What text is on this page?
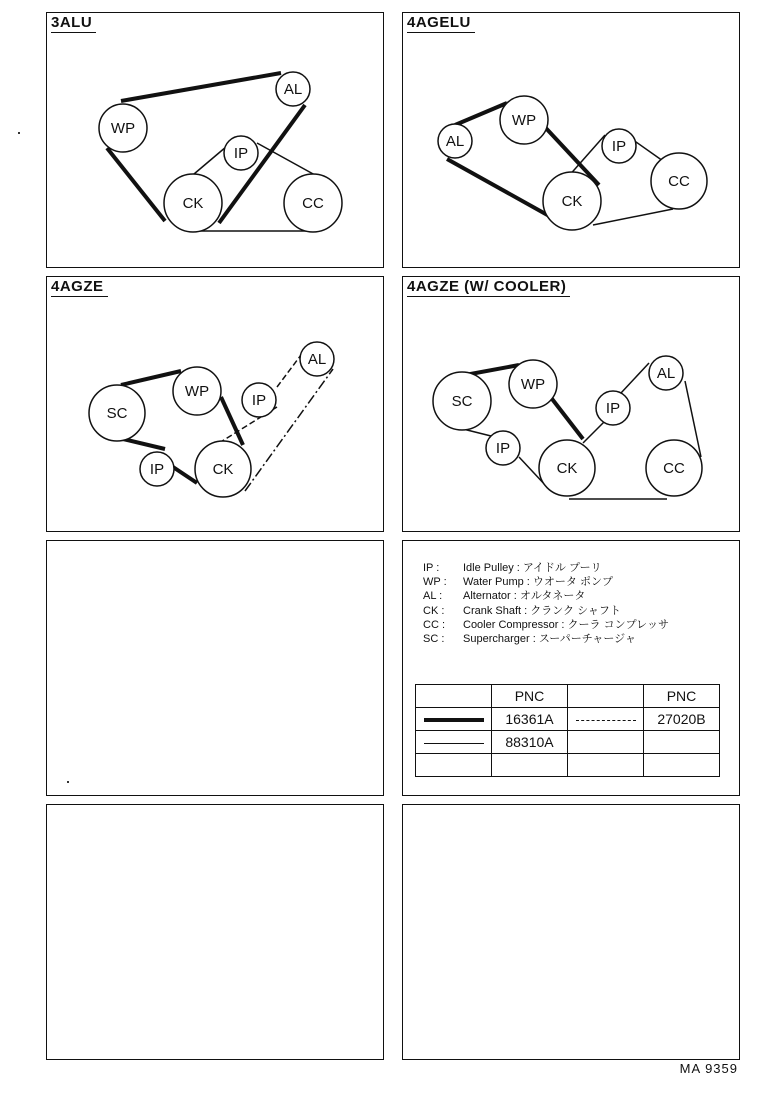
WP
AL
IP
CK	CC
3ALU
AL
WP
IP
CC
CK
4AGELU
SC
WP
IP
AL
IP	CK
4AGZE
SC
WP
AL
IP
IP
CK	CC
4AGZE (W/ COOLER)
IP :	Idle Pulley : アイドル プーリ
WP :	Water Pump : ウオータ ポンプ
AL :	Alternator : オルタネータ
CK :	Crank Shaft : クランク シャフト
CC :	Cooler Compressor : クーラ コンプレッサ
SC :	Supercharger : スーパーチャージャ
	PNC		PNC
	16361A		27020B
	88310A		

MA 9359
